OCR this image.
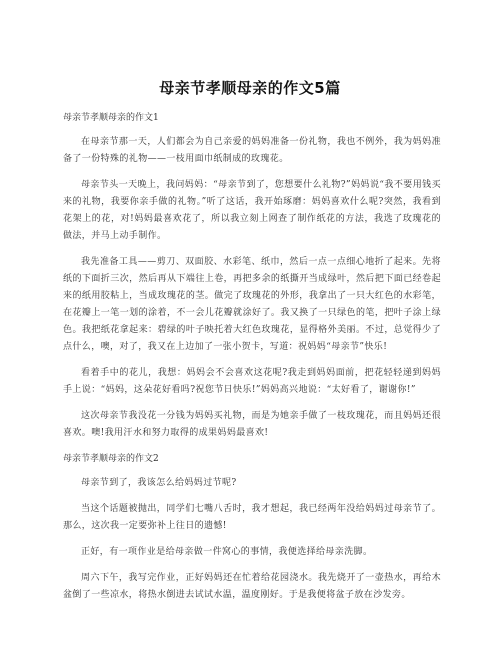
母亲节孝顺母亲的作文5篇

母亲节孝顺母亲的作文1

在母亲节那一天，人们都会为自己亲爱的妈妈准备一份礼物，我也不例外，我为妈妈准备了一份特殊的礼物——一枝用面巾纸制成的玫瑰花。

母亲节头一天晚上，我问妈妈：“母亲节到了，您想要什么礼物?”妈妈说“我不要用钱买来的礼物，我要你亲手做的礼物。”听了这话，我开始琢磨：妈妈喜欢什么呢?突然，我看到花架上的花，对!妈妈最喜欢花了，所以我立刻上网查了制作纸花的方法，我选了玫瑰花的做法，并马上动手制作。

我先准备工具——剪刀、双面胶、水彩笔、纸巾，然后一点一点细心地折了起来。先将纸的下面折三次，然后再从下端往上卷，再把多余的纸撕开当成绿叶，然后把下面已经卷起来的纸用胶粘上，当成玫瑰花的茎。做完了玫瑰花的外形，我拿出了一只大红色的水彩笔，在花瓣上一笔一划的涂着，不一会儿花瓣就涂好了。我又换了一只绿色的笔，把叶子涂上绿色。我把纸花拿起来：碧绿的叶子映托着大红色玫瑰花，显得格外美丽。不过，总觉得少了点什么，噢，对了，我又在上边加了一张小贺卡，写道：祝妈妈“母亲节”快乐!

看着手中的花儿，我想：妈妈会不会喜欢这花呢?我走到妈妈面前，把花轻轻递到妈妈手上说：“妈妈，这朵花好看吗?祝您节日快乐!”妈妈高兴地说：“太好看了，谢谢你!”

这次母亲节我没花一分钱为妈妈买礼物，而是为她亲手做了一枝玫瑰花，而且妈妈还很喜欢。噢!我用汗水和努力取得的成果妈妈最喜欢!

母亲节孝顺母亲的作文2

母亲节到了，我该怎么给妈妈过节呢?

当这个话题被抛出，同学们七嘴八舌时，我才想起，我已经两年没给妈妈过母亲节了。那么，这次我一定要弥补上往日的遗憾!

正好，有一项作业是给母亲做一件窝心的事情，我便选择给母亲洗脚。

周六下午，我写完作业，正好妈妈还在忙着给花园浇水。我先烧开了一壶热水，再给木盆倒了一些凉水，将热水倒进去试试水温，温度刚好。于是我便将盆子放在沙发旁。
